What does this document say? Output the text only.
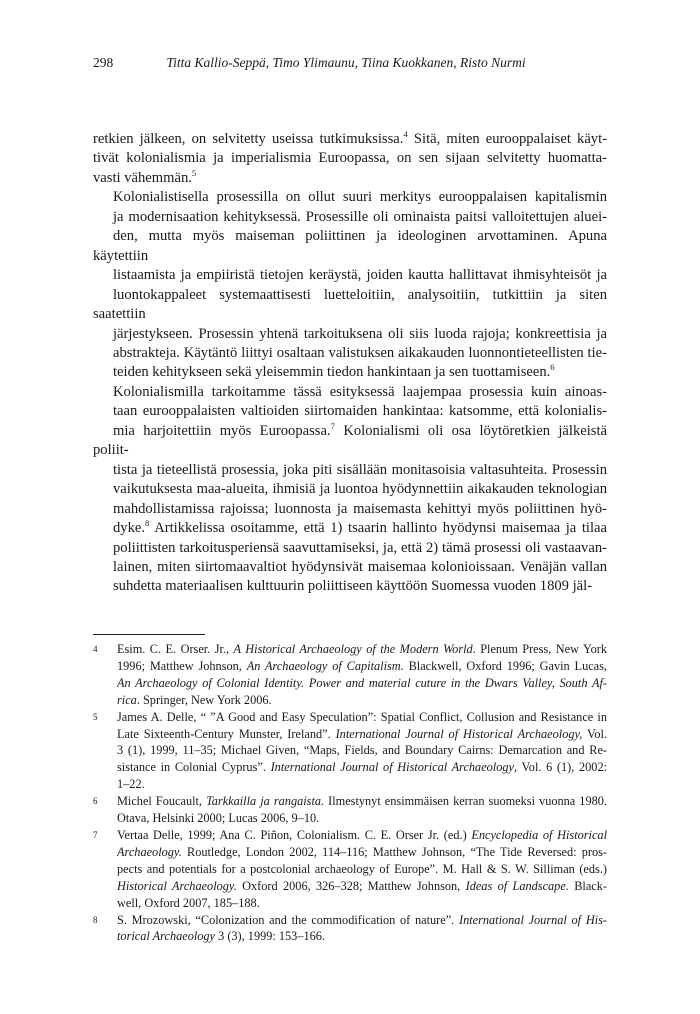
298	Titta Kallio-Seppä, Timo Ylimaunu, Tiina Kuokkanen, Risto Nurmi

retkien jälkeen, on selvitetty useissa tutkimuksissa.$^4$ Sitä, miten eurooppalaiset käyt-
tivät kolonialismia ja imperialismia Euroopassa, on sen sijaan selvitetty huomatta-
vasti vähemmän.$^5$

Kolonialistisella prosessilla on ollut suuri merkitys eurooppalaisen kapitalismin
ja modernisaation kehityksessä. Prosessille oli ominaista paitsi valloitettujen aluei-
den, mutta myös maiseman poliittinen ja ideologinen arvottaminen. Apuna käytettiin
listaamista ja empiiristä tietojen keräystä, joiden kautta hallittavat ihmisyhteisöt ja
luontokappaleet systemaattisesti luetteloitiin, analysoitiin, tutkittiin ja siten saatettiin
järjestykseen. Prosessin yhtenä tarkoituksena oli siis luoda rajoja; konkreettisia ja
abstrakteja. Käytäntö liittyi osaltaan valistuksen aikakauden luonnontieteellisten tie-
teiden kehitykseen sekä yleisemmin tiedon hankintaan ja sen tuottamiseen.$^6$

Kolonialismilla tarkoitamme tässä esityksessä laajempaa prosessia kuin ainoas-
taan eurooppalaisten valtioiden siirtomaiden hankintaa: katsomme, että kolonialis-
mia harjoitettiin myös Euroopassa.$^7$ Kolonialismi oli osa löytöretkien jälkeistä poliit-
tista ja tieteellistä prosessia, joka piti sisällään monitasoisia valtasuhteita. Prosessin
vaikutuksesta maa-alueita, ihmisiä ja luontoa hyödynnettiin aikakauden teknologian
mahdollistamissa rajoissa; luonnosta ja maisemasta kehittyi myös poliittinen hyö-
dyke.$^8$ Artikkelissa osoitamme, että 1) tsaarin hallinto hyödynsi maisemaa ja tilaa
poliittisten tarkoitusperiensä saavuttamiseksi, ja, että 2) tämä prosessi oli vastaavan-
lainen, miten siirtomaavaltiot hyödynsivät maisemaa kolonioissaan. Venäjän vallan
suhdetta materiaalisen kulttuurin poliittiseen käyttöön Suomessa vuoden 1809 jäl-

4 Esim. C. E. Orser. Jr., A Historical Archaeology of the Modern World. Plenum Press, New York
1996; Matthew Johnson, An Archaeology of Capitalism. Blackwell, Oxford 1996; Gavin Lucas,
An Archaeology of Colonial Identity. Power and material cuture in the Dwars Valley, South Af-
rica. Springer, New York 2006.
5 James A. Delle, “ ”A Good and Easy Speculation”: Spatial Conflict, Collusion and Resistance in
Late Sixteenth-Century Munster, Ireland”. International Journal of Historical Archaeology, Vol.
3 (1), 1999, 11–35; Michael Given, “Maps, Fields, and Boundary Cairns: Demarcation and Re-
sistance in Colonial Cyprus”. International Journal of Historical Archaeology, Vol. 6 (1), 2002:
1–22.
6 Michel Foucault, Tarkkailla ja rangaista. Ilmestynyt ensimmäisen kerran suomeksi vuonna 1980.
Otava, Helsinki 2000; Lucas 2006, 9–10.
7 Vertaa Delle, 1999; Ana C. Piñon, Colonialism. C. E. Orser Jr. (ed.) Encyclopedia of Historical
Archaeology. Routledge, London 2002, 114–116; Matthew Johnson, “The Tide Reversed: pros-
pects and potentials for a postcolonial archaeology of Europe”. M. Hall & S. W. Silliman (eds.)
Historical Archaeology. Oxford 2006, 326–328; Matthew Johnson, Ideas of Landscape. Black-
well, Oxford 2007, 185–188.
8 S. Mrozowski, “Colonization and the commodification of nature”. International Journal of His-
torical Archaeology 3 (3), 1999: 153–166.
